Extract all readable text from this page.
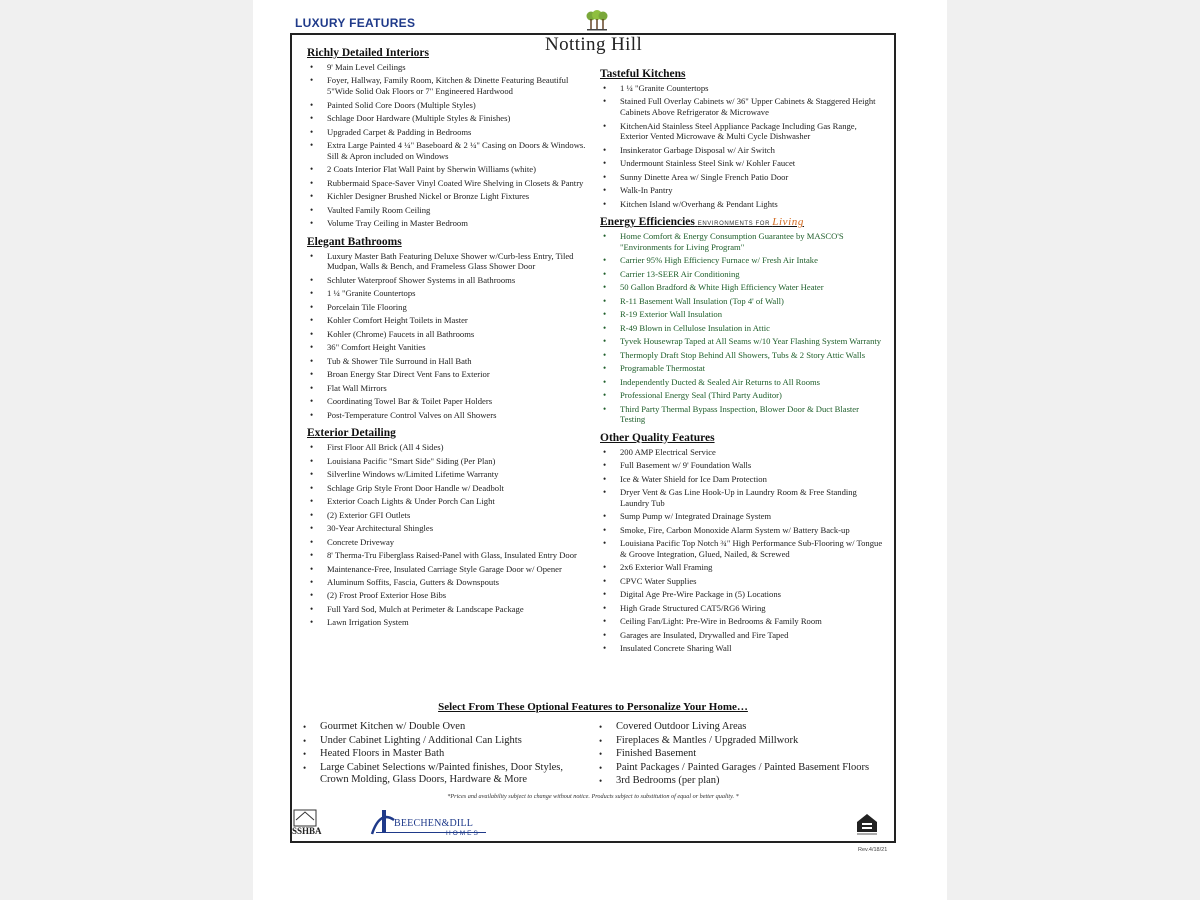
LUXURY FEATURES
Notting Hill
Richly Detailed Interiors
• 9' Main Level Ceilings
• Foyer, Hallway, Family Room, Kitchen & Dinette Featuring Beautiful 5"Wide Solid Oak Floors or 7" Engineered Hardwood
• Painted Solid Core Doors (Multiple Styles)
• Schlage Door Hardware (Multiple Styles & Finishes)
• Upgraded Carpet & Padding in Bedrooms
• Extra Large Painted 4 ¼" Baseboard & 2 ¼" Casing on Doors & Windows. Sill & Apron included on Windows
• 2 Coats Interior Flat Wall Paint by Sherwin Williams (white)
• Rubbermaid Space-Saver Vinyl Coated Wire Shelving in Closets & Pantry
• Kichler Designer Brushed Nickel or Bronze Light Fixtures
• Vaulted Family Room Ceiling
• Volume Tray Ceiling in Master Bedroom
Elegant Bathrooms
• Luxury Master Bath Featuring Deluxe Shower w/Curb-less Entry, Tiled Mudpan, Walls & Bench, and Frameless Glass Shower Door
• Schluter Waterproof Shower Systems in all Bathrooms
• 1 ¼ "Granite Countertops
• Porcelain Tile Flooring
• Kohler Comfort Height Toilets in Master
• Kohler (Chrome) Faucets in all Bathrooms
• 36" Comfort Height Vanities
• Tub & Shower Tile Surround in Hall Bath
• Broan Energy Star Direct Vent Fans to Exterior
• Flat Wall Mirrors
• Coordinating Towel Bar & Toilet Paper Holders
• Post-Temperature Control Valves on All Showers
Exterior Detailing
• First Floor All Brick (All 4 Sides)
• Louisiana Pacific "Smart Side" Siding (Per Plan)
• Silverline Windows w/Limited Lifetime Warranty
• Schlage Grip Style Front Door Handle w/ Deadbolt
• Exterior Coach Lights & Under Porch Can Light
• (2) Exterior GFI Outlets
• 30-Year Architectural Shingles
• Concrete Driveway
• 8' Therma-Tru Fiberglass Raised-Panel with Glass, Insulated Entry Door
• Maintenance-Free, Insulated Carriage Style Garage Door w/ Opener
• Aluminum Soffits, Fascia, Gutters & Downspouts
• (2) Frost Proof Exterior Hose Bibs
• Full Yard Sod, Mulch at Perimeter & Landscape Package
• Lawn Irrigation System
Tasteful Kitchens
• 1 ¼ "Granite Countertops
• Stained Full Overlay Cabinets w/ 36" Upper Cabinets & Staggered Height Cabinets Above Refrigerator & Microwave
• KitchenAid Stainless Steel Appliance Package Including Gas Range, Exterior Vented Microwave & Multi Cycle Dishwasher
• Insinkerator Garbage Disposal w/ Air Switch
• Undermount Stainless Steel Sink w/ Kohler Faucet
• Sunny Dinette Area w/ Single French Patio Door
• Walk-In Pantry
• Kitchen Island w/Overhang & Pendant Lights
Energy Efficiencies ENVIRONMENTS FOR Living
• Home Comfort & Energy Consumption Guarantee by MASCO'S "Environments for Living Program"
• Carrier 95% High Efficiency Furnace w/ Fresh Air Intake
• Carrier 13-SEER Air Conditioning
• 50 Gallon Bradford & White High Efficiency Water Heater
• R-11 Basement Wall Insulation (Top 4' of Wall)
• R-19 Exterior Wall Insulation
• R-49 Blown in Cellulose Insulation in Attic
• Tyvek Housewrap Taped at All Seams w/10 Year Flashing System Warranty
• Thermoply Draft Stop Behind All Showers, Tubs & 2 Story Attic Walls
• Programable Thermostat
• Independently Ducted & Sealed Air Returns to All Rooms
• Professional Energy Seal (Third Party Auditor)
• Third Party Thermal Bypass Inspection, Blower Door & Duct Blaster Testing
Other Quality Features
• 200 AMP Electrical Service
• Full Basement w/ 9' Foundation Walls
• Ice & Water Shield for Ice Dam Protection
• Dryer Vent & Gas Line Hook-Up in Laundry Room & Free Standing Laundry Tub
• Sump Pump w/ Integrated Drainage System
• Smoke, Fire, Carbon Monoxide Alarm System w/ Battery Back-up
• Louisiana Pacific Top Notch ¾" High Performance Sub-Flooring w/ Tongue & Groove Integration, Glued, Nailed, & Screwed
• 2x6 Exterior Wall Framing
• CPVC Water Supplies
• Digital Age Pre-Wire Package in (5) Locations
• High Grade Structured CAT5/RG6 Wiring
• Ceiling Fan/Light: Pre-Wire in Bedrooms & Family Room
• Garages are Insulated, Drywalled and Fire Taped
• Insulated Concrete Sharing Wall
Select From These Optional Features to Personalize Your Home…
• Gourmet Kitchen w/ Double Oven
• Under Cabinet Lighting / Additional Can Lights
• Heated Floors in Master Bath
• Large Cabinet Selections w/Painted finishes, Door Styles, Crown Molding, Glass Doors, Hardware & More
• Covered Outdoor Living Areas
• Fireplaces & Mantles / Upgraded Millwork
• Finished Basement
• Paint Packages / Painted Garages / Painted Basement Floors
• 3rd Bedrooms (per plan)
*Prices and availability subject to change without notice. Products subject to substitution of equal or better quality. *
SSHBA
BEECHEN&DILL
HOMES
Rev.4/18/21
